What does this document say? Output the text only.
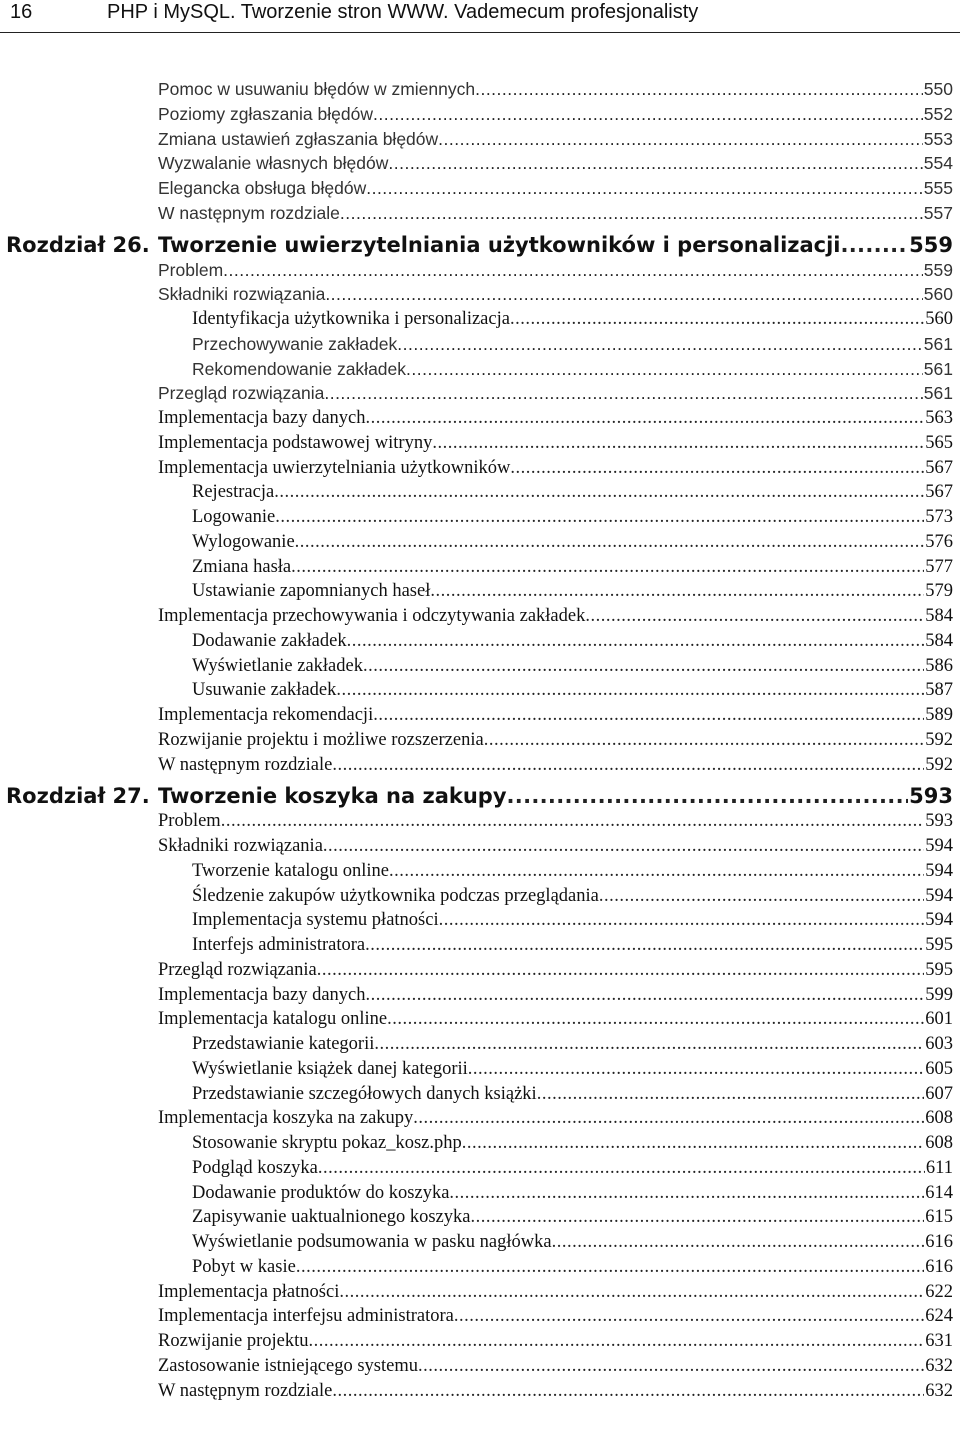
16	PHP i MySQL. Tworzenie stron WWW. Vademecum profesjonalisty
Pomoc w usuwaniu błędów w zmiennych .....	550
Poziomy zgłaszania błędów .....	552
Zmiana ustawień zgłaszania błędów .....	553
Wyzwalanie własnych błędów .....	554
Elegancka obsługa błędów .....	555
W następnym rozdziale .....	557
Rozdział 26. Tworzenie uwierzytelniania użytkowników i personalizacji .....	559
Problem .....	559
Składniki rozwiązania .....	560
Identyfikacja użytkownika i personalizacja .....	560
Przechowywanie zakładek .....	561
Rekomendowanie zakładek .....	561
Przegląd rozwiązania .....	561
Implementacja bazy danych .....	563
Implementacja podstawowej witryny .....	565
Implementacja uwierzytelniania użytkowników .....	567
Rejestracja .....	567
Logowanie .....	573
Wylogowanie .....	576
Zmiana hasła .....	577
Ustawianie zapomnianych haseł .....	579
Implementacja przechowywania i odczytywania zakładek .....	584
Dodawanie zakładek .....	584
Wyświetlanie zakładek .....	586
Usuwanie zakładek .....	587
Implementacja rekomendacji .....	589
Rozwijanie projektu i możliwe rozszerzenia .....	592
W następnym rozdziale .....	592
Rozdział 27. Tworzenie koszyka na zakupy .....	593
Problem .....	593
Składniki rozwiązania .....	594
Tworzenie katalogu online .....	594
Śledzenie zakupów użytkownika podczas przeglądania .....	594
Implementacja systemu płatności .....	594
Interfejs administratora .....	595
Przegląd rozwiązania .....	595
Implementacja bazy danych .....	599
Implementacja katalogu online .....	601
Przedstawianie kategorii .....	603
Wyświetlanie książek danej kategorii .....	605
Przedstawianie szczegółowych danych książki .....	607
Implementacja koszyka na zakupy .....	608
Stosowanie skryptu pokaz_kosz.php .....	608
Podgląd koszyka .....	611
Dodawanie produktów do koszyka .....	614
Zapisywanie uaktualnionego koszyka .....	615
Wyświetlanie podsumowania w pasku nagłówka .....	616
Pobyt w kasie .....	616
Implementacja płatności .....	622
Implementacja interfejsu administratora .....	624
Rozwijanie projektu .....	631
Zastosowanie istniejącego systemu .....	632
W następnym rozdziale .....	632
